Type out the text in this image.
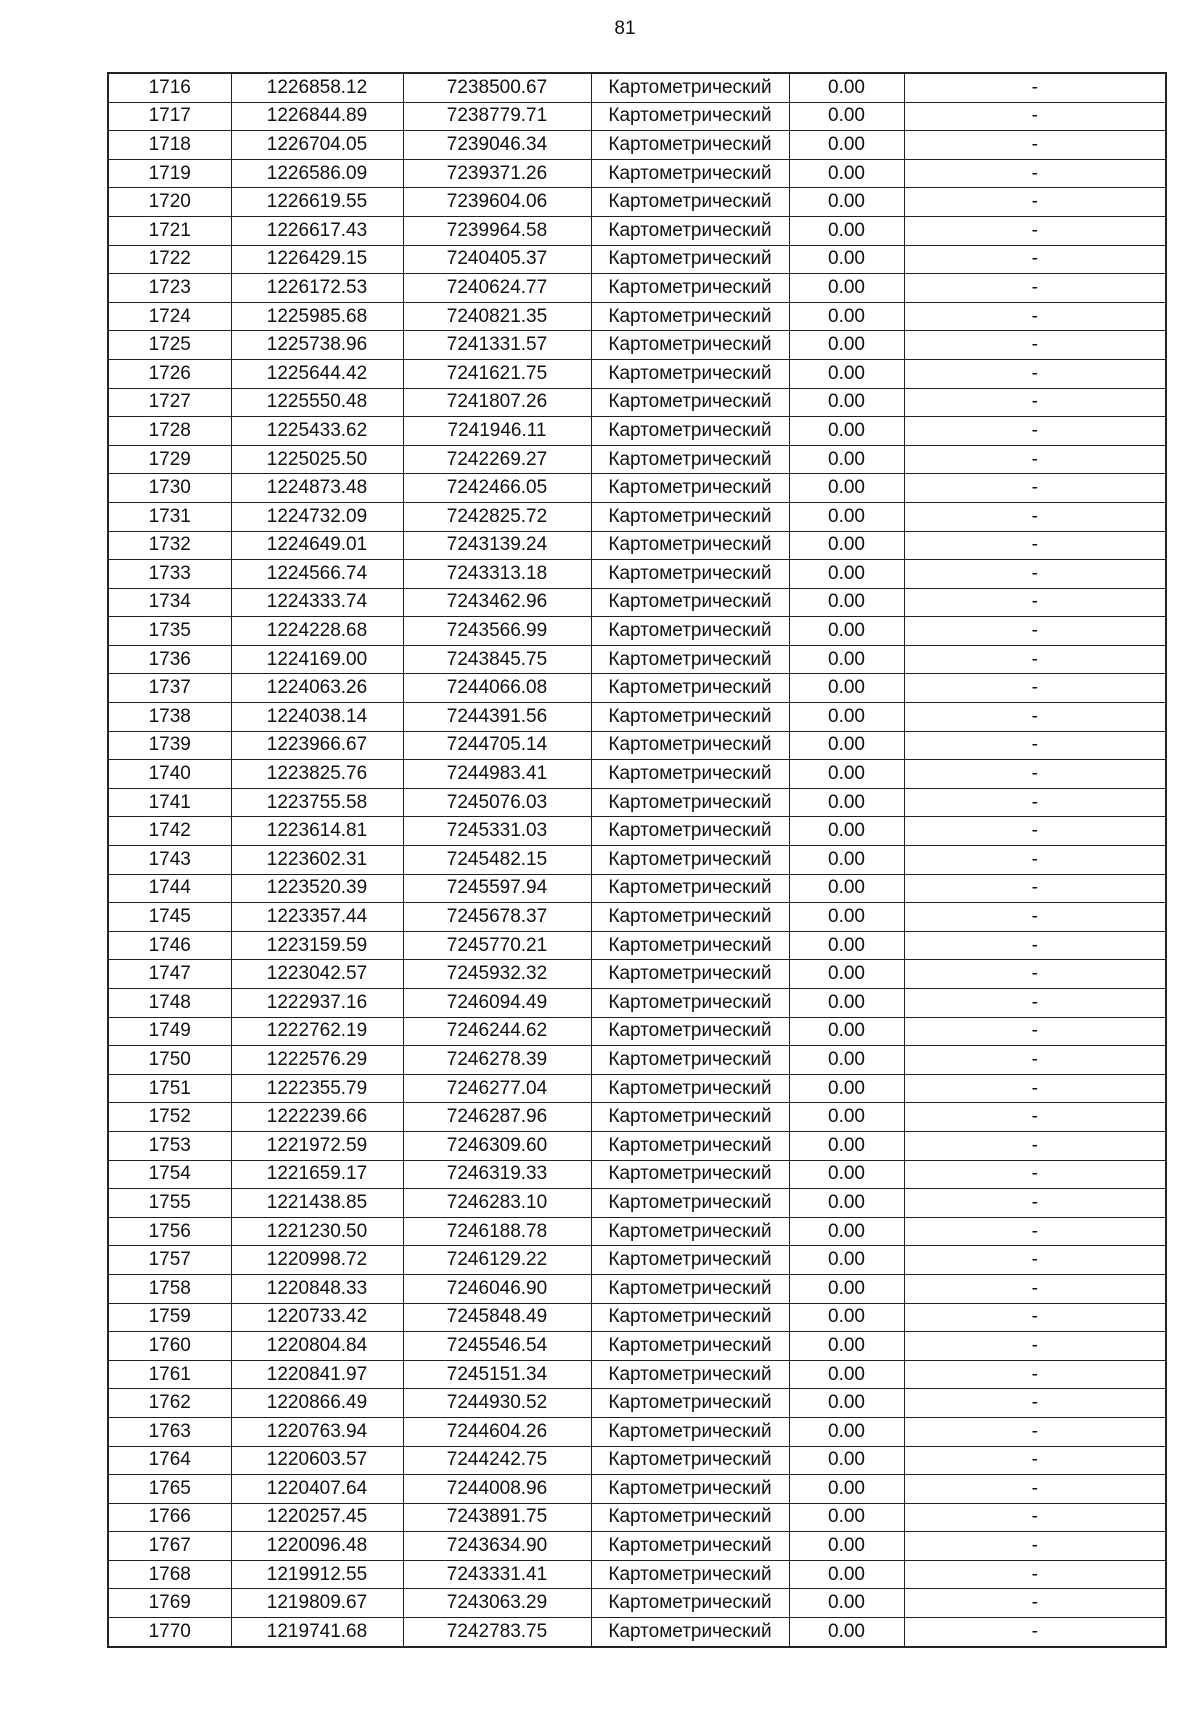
81
1716	1226858.12	7238500.67	Картометрический	0.00	-
1717	1226844.89	7238779.71	Картометрический	0.00	-
1718	1226704.05	7239046.34	Картометрический	0.00	-
1719	1226586.09	7239371.26	Картометрический	0.00	-
1720	1226619.55	7239604.06	Картометрический	0.00	-
1721	1226617.43	7239964.58	Картометрический	0.00	-
1722	1226429.15	7240405.37	Картометрический	0.00	-
1723	1226172.53	7240624.77	Картометрический	0.00	-
1724	1225985.68	7240821.35	Картометрический	0.00	-
1725	1225738.96	7241331.57	Картометрический	0.00	-
1726	1225644.42	7241621.75	Картометрический	0.00	-
1727	1225550.48	7241807.26	Картометрический	0.00	-
1728	1225433.62	7241946.11	Картометрический	0.00	-
1729	1225025.50	7242269.27	Картометрический	0.00	-
1730	1224873.48	7242466.05	Картометрический	0.00	-
1731	1224732.09	7242825.72	Картометрический	0.00	-
1732	1224649.01	7243139.24	Картометрический	0.00	-
1733	1224566.74	7243313.18	Картометрический	0.00	-
1734	1224333.74	7243462.96	Картометрический	0.00	-
1735	1224228.68	7243566.99	Картометрический	0.00	-
1736	1224169.00	7243845.75	Картометрический	0.00	-
1737	1224063.26	7244066.08	Картометрический	0.00	-
1738	1224038.14	7244391.56	Картометрический	0.00	-
1739	1223966.67	7244705.14	Картометрический	0.00	-
1740	1223825.76	7244983.41	Картометрический	0.00	-
1741	1223755.58	7245076.03	Картометрический	0.00	-
1742	1223614.81	7245331.03	Картометрический	0.00	-
1743	1223602.31	7245482.15	Картометрический	0.00	-
1744	1223520.39	7245597.94	Картометрический	0.00	-
1745	1223357.44	7245678.37	Картометрический	0.00	-
1746	1223159.59	7245770.21	Картометрический	0.00	-
1747	1223042.57	7245932.32	Картометрический	0.00	-
1748	1222937.16	7246094.49	Картометрический	0.00	-
1749	1222762.19	7246244.62	Картометрический	0.00	-
1750	1222576.29	7246278.39	Картометрический	0.00	-
1751	1222355.79	7246277.04	Картометрический	0.00	-
1752	1222239.66	7246287.96	Картометрический	0.00	-
1753	1221972.59	7246309.60	Картометрический	0.00	-
1754	1221659.17	7246319.33	Картометрический	0.00	-
1755	1221438.85	7246283.10	Картометрический	0.00	-
1756	1221230.50	7246188.78	Картометрический	0.00	-
1757	1220998.72	7246129.22	Картометрический	0.00	-
1758	1220848.33	7246046.90	Картометрический	0.00	-
1759	1220733.42	7245848.49	Картометрический	0.00	-
1760	1220804.84	7245546.54	Картометрический	0.00	-
1761	1220841.97	7245151.34	Картометрический	0.00	-
1762	1220866.49	7244930.52	Картометрический	0.00	-
1763	1220763.94	7244604.26	Картометрический	0.00	-
1764	1220603.57	7244242.75	Картометрический	0.00	-
1765	1220407.64	7244008.96	Картометрический	0.00	-
1766	1220257.45	7243891.75	Картометрический	0.00	-
1767	1220096.48	7243634.90	Картометрический	0.00	-
1768	1219912.55	7243331.41	Картометрический	0.00	-
1769	1219809.67	7243063.29	Картометрический	0.00	-
1770	1219741.68	7242783.75	Картометрический	0.00	-
